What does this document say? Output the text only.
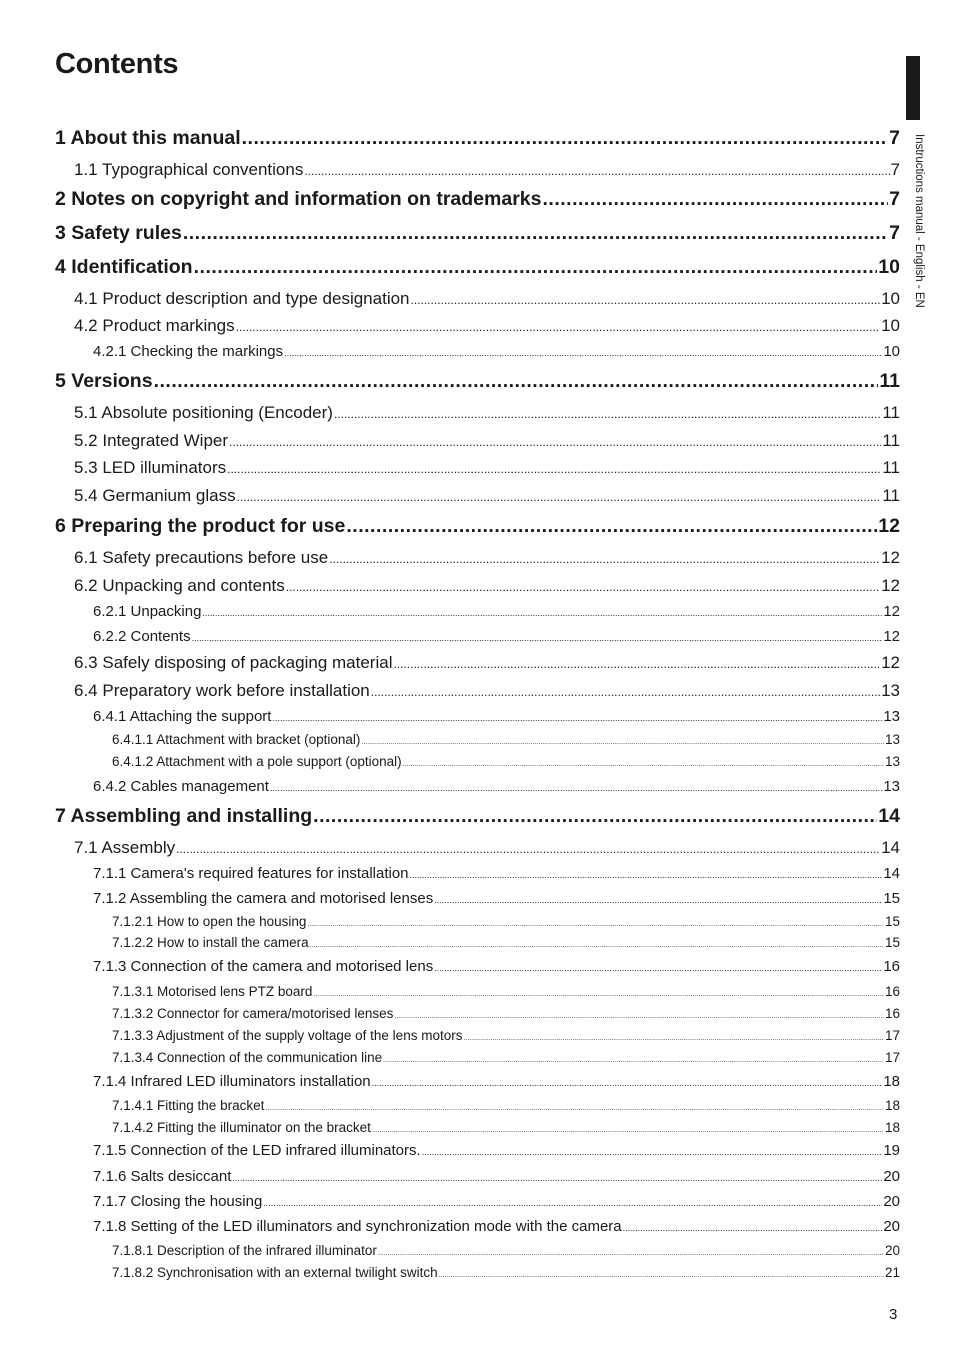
Contents
Instructions manual - English - EN
1 About this manual .....	7
1.1 Typographical conventions .....	7
2 Notes on copyright and information on trademarks .....	7
3 Safety rules .....	7
4 Identification .....	10
4.1 Product description and type designation .....	10
4.2 Product markings .....	10
4.2.1 Checking the markings .....	10
5 Versions .....	11
5.1 Absolute positioning (Encoder) .....	11
5.2 Integrated Wiper .....	11
5.3 LED illuminators .....	11
5.4 Germanium glass .....	11
6 Preparing the product for use .....	12
6.1 Safety precautions before use .....	12
6.2 Unpacking and contents .....	12
6.2.1 Unpacking .....	12
6.2.2 Contents .....	12
6.3 Safely disposing of packaging material .....	12
6.4 Preparatory work before installation .....	13
6.4.1 Attaching the support .....	13
6.4.1.1 Attachment with bracket (optional) .....	13
6.4.1.2 Attachment with a pole support (optional) .....	13
6.4.2 Cables management .....	13
7 Assembling and installing .....	14
7.1 Assembly .....	14
7.1.1 Camera's required features for installation .....	14
7.1.2 Assembling the camera and motorised lenses .....	15
7.1.2.1 How to open the housing .....	15
7.1.2.2 How to install the camera .....	15
7.1.3 Connection of the camera and motorised lens .....	16
7.1.3.1 Motorised lens PTZ board .....	16
7.1.3.2 Connector for camera/motorised lenses .....	16
7.1.3.3 Adjustment of the supply voltage of the lens motors .....	17
7.1.3.4 Connection of the communication line .....	17
7.1.4 Infrared LED illuminators installation .....	18
7.1.4.1 Fitting the bracket .....	18
7.1.4.2 Fitting the illuminator on the bracket .....	18
7.1.5 Connection of the LED infrared illuminators. .....	19
7.1.6 Salts desiccant .....	20
7.1.7 Closing the housing .....	20
7.1.8 Setting of the LED illuminators and synchronization mode with the camera .....	20
7.1.8.1 Description of the infrared illuminator .....	20
7.1.8.2 Synchronisation with an external twilight switch .....	21
3
